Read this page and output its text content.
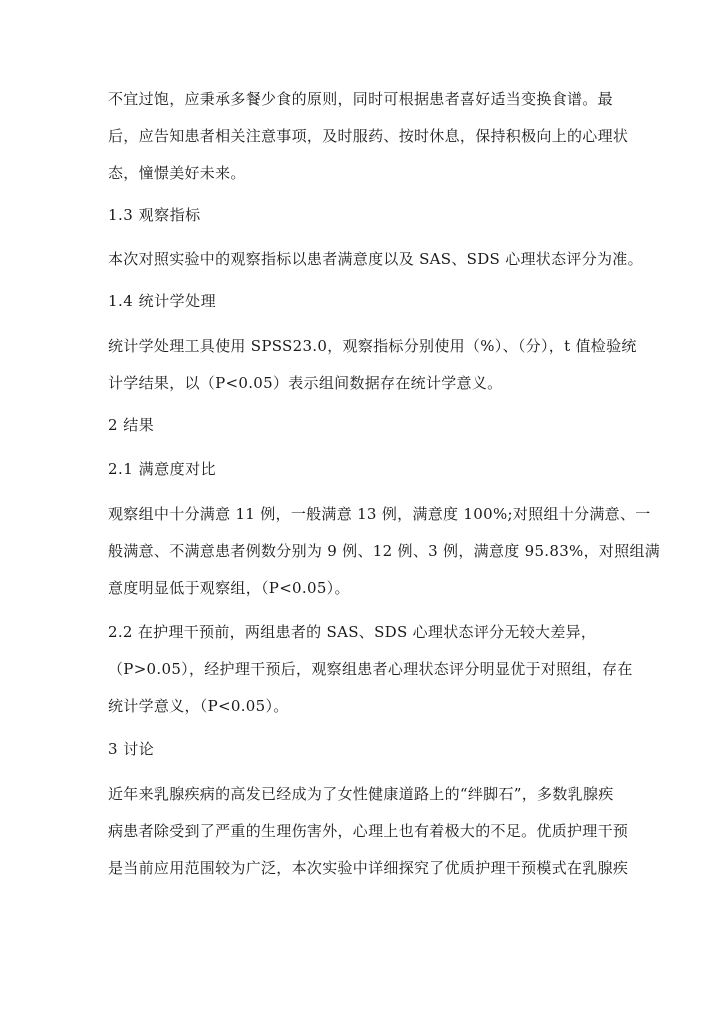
不宜过饱，应秉承多餐少食的原则，同时可根据患者喜好适当变换食谱。最
后，应告知患者相关注意事项，及时服药、按时休息，保持积极向上的心理状
态，憧憬美好未来。
1.3 观察指标
本次对照实验中的观察指标以患者满意度以及 SAS、SDS 心理状态评分为准。
1.4 统计学处理
统计学处理工具使用 SPSS23.0，观察指标分别使用（%）、（分），t 值检验统
计学结果，以（P<0.05）表示组间数据存在统计学意义。
2 结果
2.1 满意度对比
观察组中十分满意 11 例，一般满意 13 例，满意度 100%;对照组十分满意、一
般满意、不满意患者例数分别为 9 例、12 例、3 例，满意度 95.83%，对照组满
意度明显低于观察组，（P<0.05）。
2.2 在护理干预前，两组患者的 SAS、SDS 心理状态评分无较大差异，
（P>0.05），经护理干预后，观察组患者心理状态评分明显优于对照组，存在
统计学意义，（P<0.05）。
3 讨论
近年来乳腺疾病的高发已经成为了女性健康道路上的“绊脚石”，多数乳腺疾
病患者除受到了严重的生理伤害外，心理上也有着极大的不足。优质护理干预
是当前应用范围较为广泛，本次实验中详细探究了优质护理干预模式在乳腺疾
